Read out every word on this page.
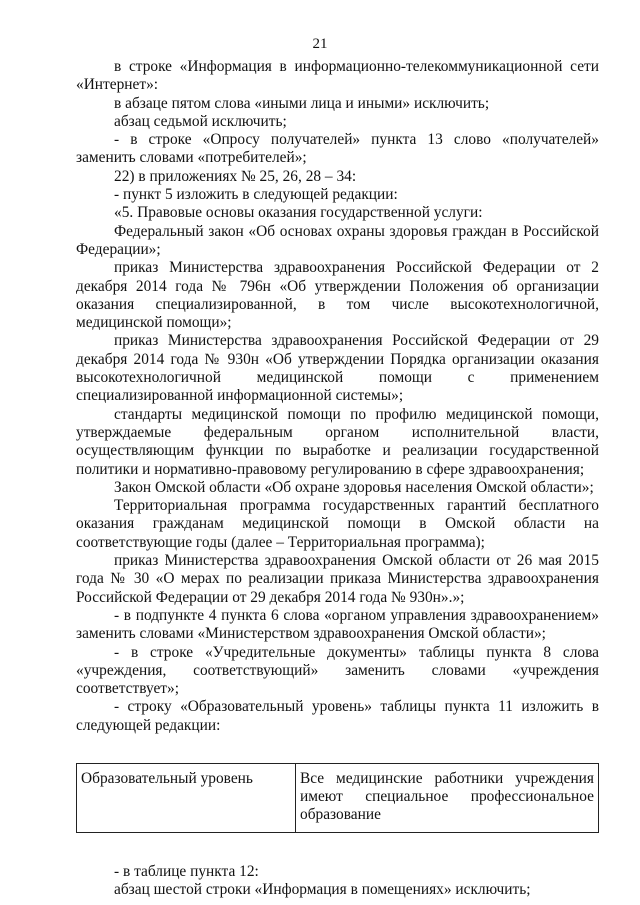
21

в строке «Информация в информационно-телекоммуникационной сети «Интернет»:

в абзаце пятом слова «иными лица и иными» исключить;

абзац седьмой исключить;

- в строке «Опросу получателей» пункта 13 слово «получателей» заменить словами «потребителей»;

22) в приложениях № 25, 26, 28 – 34:

- пункт 5 изложить в следующей редакции:

«5. Правовые основы оказания государственной услуги:

Федеральный закон «Об основах охраны здоровья граждан в Российской Федерации»;

приказ Министерства здравоохранения Российской Федерации от 2 декабря 2014 года № 796н «Об утверждении Положения об организации оказания специализированной, в том числе высокотехнологичной, медицинской помощи»;

приказ Министерства здравоохранения Российской Федерации от 29 декабря 2014 года № 930н «Об утверждении Порядка организации оказания высокотехнологичной медицинской помощи с применением специализированной информационной системы»;

стандарты медицинской помощи по профилю медицинской помощи, утверждаемые федеральным органом исполнительной власти, осуществляющим функции по выработке и реализации государственной политики и нормативно-правовому регулированию в сфере здравоохранения;

Закон Омской области «Об охране здоровья населения Омской области»;

Территориальная программа государственных гарантий бесплатного оказания гражданам медицинской помощи в Омской области на соответствующие годы (далее – Территориальная программа);

приказ Министерства здравоохранения Омской области от 26 мая 2015 года № 30 «О мерах по реализации приказа Министерства здравоохранения Российской Федерации от 29 декабря 2014 года № 930н».»;

- в подпункте 4 пункта 6 слова «органом управления здравоохранением» заменить словами «Министерством здравоохранения Омской области»;

- в строке «Учредительные документы» таблицы пункта 8 слова «учреждения, соответствующий» заменить словами «учреждения соответствует»;

- строку «Образовательный уровень» таблицы пункта 11 изложить в следующей редакции:

Образовательный уровень	Все медицинские работники учреждения имеют специальное профессиональное образование

- в таблице пункта 12:

абзац шестой строки «Информация в помещениях» исключить;
